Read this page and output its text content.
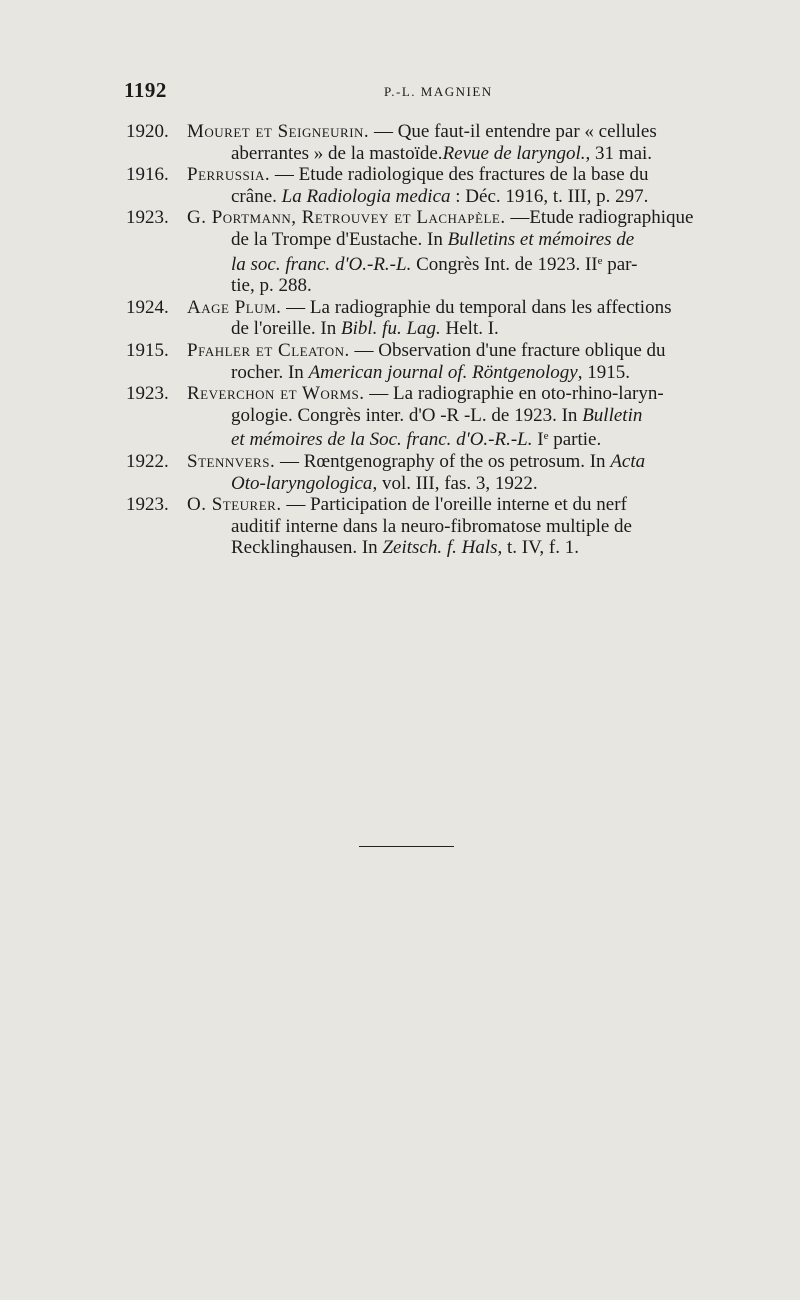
1192	P.-L. MAGNIEN
1920. Mouret et Seigneurin. — Que faut-il entendre par « cellules
aberrantes » de la mastoïde.Revue de laryngol., 31 mai.
1916. Perrussia. — Etude radiologique des fractures de la base du
crâne. La Radiologia medica : Déc. 1916, t. III, p. 297.
1923. G. Portmann, Retrouvey et Lachapèle. —Etude radiographique
de la Trompe d'Eustache. In Bulletins et mémoires de
la soc. franc. d'O.-R.-L. Congrès Int. de 1923. IIe par-
tie, p. 288.
1924. Aage Plum. — La radiographie du temporal dans les affections
de l'oreille. In Bibl. fu. Lag. Helt. I.
1915. Pfahler et Cleaton. — Observation d'une fracture oblique du
rocher. In American journal of. Röntgenology, 1915.
1923. Reverchon et Worms. — La radiographie en oto-rhino-laryn-
gologie. Congrès inter. d'O -R -L. de 1923. In Bulletin
et mémoires de la Soc. franc. d'O.-R.-L. Ie partie.
1922. Stennvers. — Rœntgenography of the os petrosum. In Acta
Oto-laryngologica, vol. III, fas. 3, 1922.
1923. O. Steurer. — Participation de l'oreille interne et du nerf
auditif interne dans la neuro-fibromatose multiple de
Recklinghausen. In Zeitsch. f. Hals, t. IV, f. 1.
